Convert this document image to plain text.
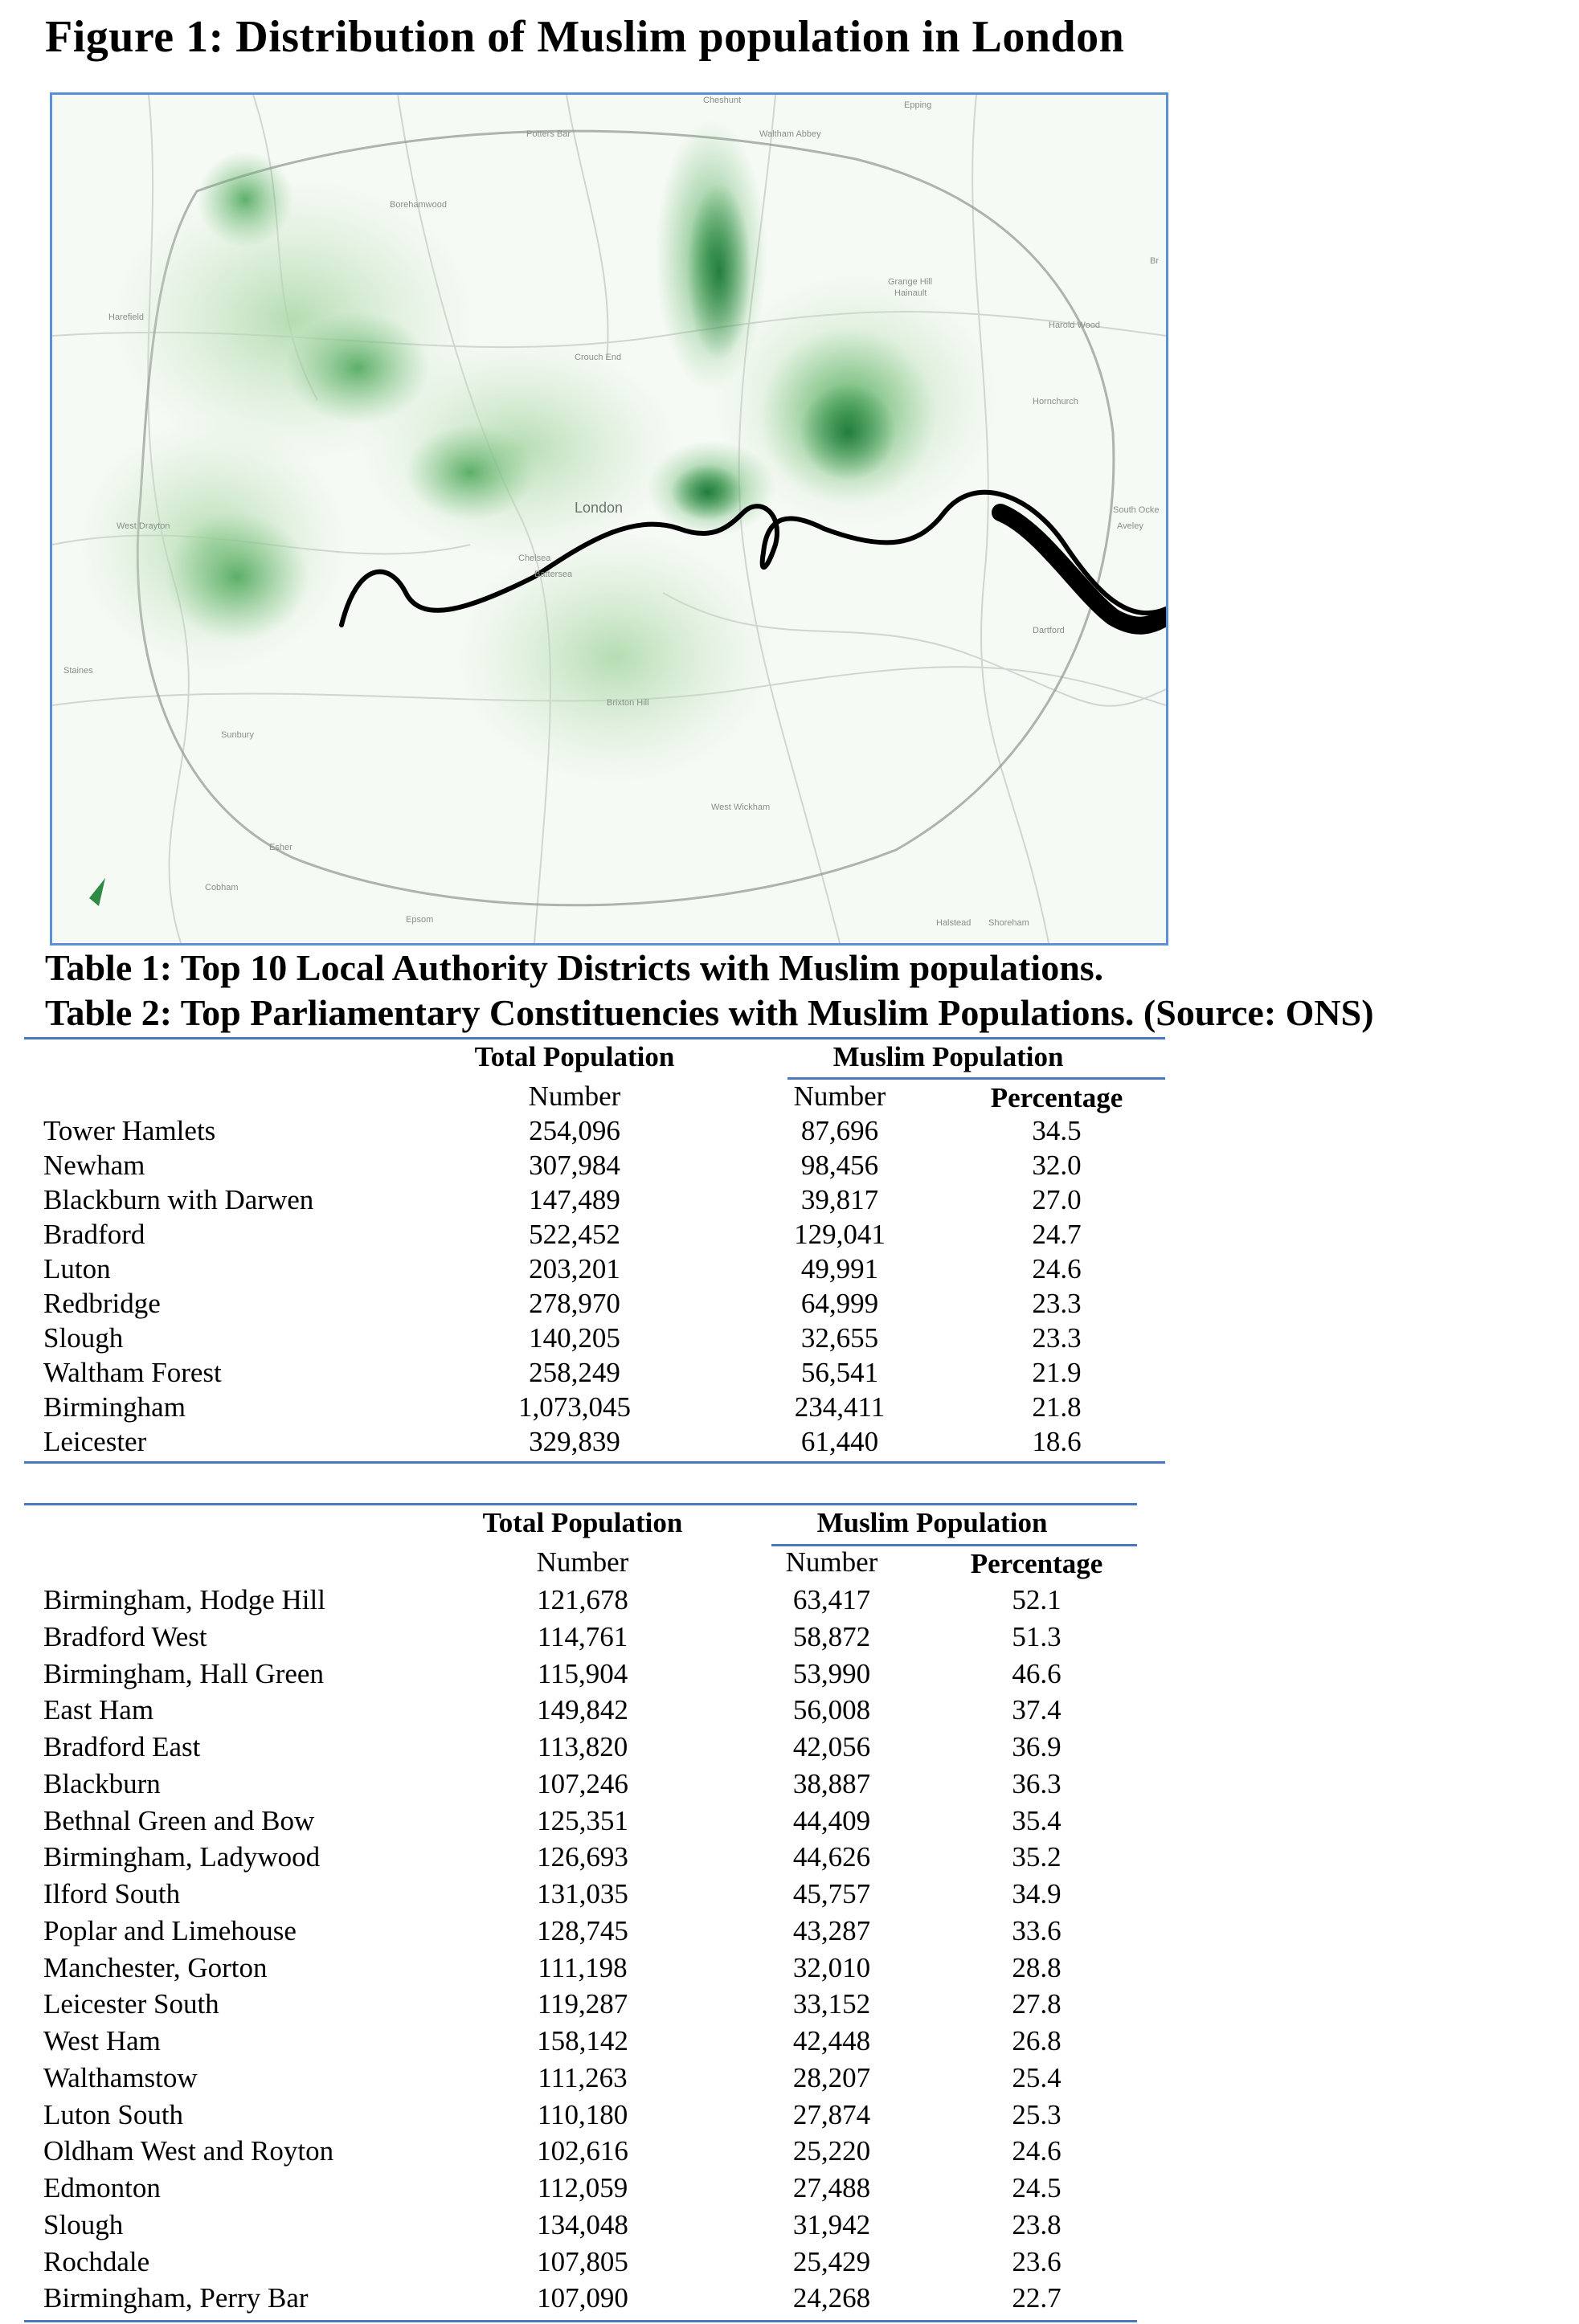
Figure 1: Distribution of Muslim population in London
Cheshunt	Epping
Potters Bar	Waltham Abbey
Borehamwood
Grange Hill
Hainault
Harold Wood
Harefield
Crouch End
Hornchurch
London	South Ocke
Aveley
West Drayton
Chelsea
Battersea
Dartford
Staines
Brixton Hill
Sunbury
West Wickham
Esher
Cobham
Epsom	Halstead Shoreham
Br
Table 1: Top 10 Local Authority Districts with Muslim populations.
Table 2: Top Parliamentary Constituencies with Muslim Populations. (Source: ONS)
Total Population	Muslim Population
Number	Number	Percentage
Tower Hamlets	254,096	87,696	34.5
Newham	307,984	98,456	32.0
Blackburn with Darwen	147,489	39,817	27.0
Bradford	522,452	129,041	24.7
Luton	203,201	49,991	24.6
Redbridge	278,970	64,999	23.3
Slough	140,205	32,655	23.3
Waltham Forest	258,249	56,541	21.9
Birmingham	1,073,045	234,411	21.8
Leicester	329,839	61,440	18.6
Total Population	Muslim Population
Number	Number	Percentage
Birmingham, Hodge Hill	121,678	63,417	52.1
Bradford West	114,761	58,872	51.3
Birmingham, Hall Green	115,904	53,990	46.6
East Ham	149,842	56,008	37.4
Bradford East	113,820	42,056	36.9
Blackburn	107,246	38,887	36.3
Bethnal Green and Bow	125,351	44,409	35.4
Birmingham, Ladywood	126,693	44,626	35.2
Ilford South	131,035	45,757	34.9
Poplar and Limehouse	128,745	43,287	33.6
Manchester, Gorton	111,198	32,010	28.8
Leicester South	119,287	33,152	27.8
West Ham	158,142	42,448	26.8
Walthamstow	111,263	28,207	25.4
Luton South	110,180	27,874	25.3
Oldham West and Royton	102,616	25,220	24.6
Edmonton	112,059	27,488	24.5
Slough	134,048	31,942	23.8
Rochdale	107,805	25,429	23.6
Birmingham, Perry Bar	107,090	24,268	22.7
